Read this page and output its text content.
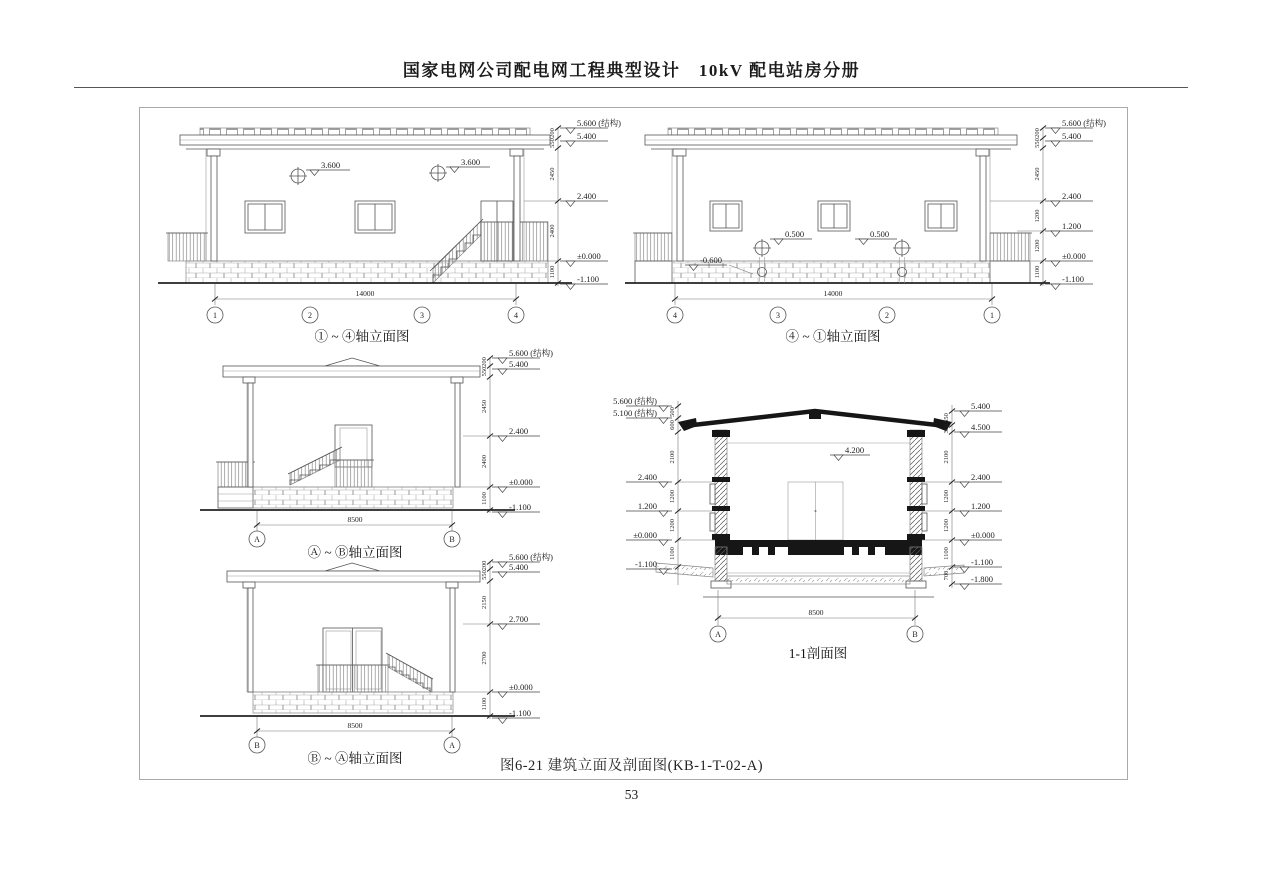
国家电网公司配电网工程典型设计　10kV 配电站房分册
3.600	3.600
14000
1	2	3	4
200
550
2450
2400
1100
5.600 (结构)
5.400
2.400
±0.000
-1.100
① ~ ④轴立面图
0.500	0.500
-0.600
14000
4	3	2	1
200
550
2450
1200
1200
1100
5.600 (结构)
5.400
2.400
1.200
±0.000
-1.100
④ ~ ①轴立面图
8500
A	B
200
550
2450
2400
1100
5.600 (结构)
5.400
2.400
±0.000
-1.100
Ⓐ ~ Ⓑ轴立面图
8500
B	A
200
550
2150
2700
1100
5.600 (结构)
5.400
2.700
±0.000
-1.100
Ⓑ ~ Ⓐ轴立面图
4.200
8500
A	B
500
600
2100
1200
1200
1100
5.600 (结构)
5.100 (结构)
2.400
1.200
±0.000
-1.100
550
350
2100
1200
1200
1100
700
5.400
4.500
2.400
1.200
±0.000
-1.100
-1.800
1-1剖面图
图6-21 建筑立面及剖面图(KB-1-T-02-A)
53
